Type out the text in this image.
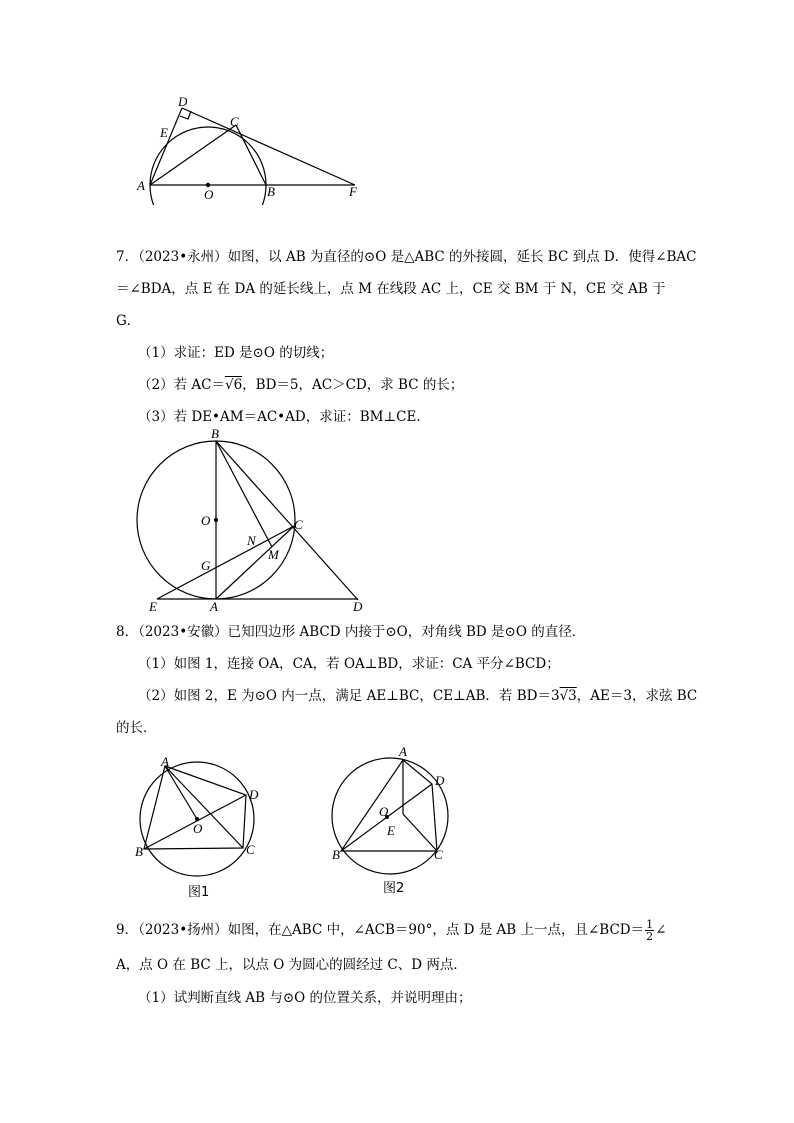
D
E
C
A
O	B	F
7．（2023•永州）如图，以 AB 为直径的⊙O 是△ABC 的外接圆，延长 BC 到点 D．使得∠BAC
＝∠BDA，点 E 在 DA 的延长线上，点 M 在线段 AC 上，CE 交 BM 于 N，CE 交 AB 于
G．
（1）求证：ED 是⊙O 的切线；
（2）若 AC＝√6，BD＝5，AC＞CD，求 BC 的长；
（3）若 DE•AM＝AC•AD，求证：BM⊥CE．
B
O	C
N
M
G
E	A	D
8．（2023•安徽）已知四边形 ABCD 内接于⊙O，对角线 BD 是⊙O 的直径．
（1）如图 1，连接 OA，CA，若 OA⊥BD，求证：CA 平分∠BCD；
（2）如图 2，E 为⊙O 内一点，满足 AE⊥BC，CE⊥AB．若 BD＝3√3，AE＝3，求弦 BC
的长．
A
D
O
B	C
图1
A
D
O
E
B	C
图2
9．（2023•扬州）如图，在△ABC 中，∠ACB＝90°，点 D 是 AB 上一点，且∠BCD＝ $\frac{1}{2}$ ∠
A，点 O 在 BC 上，以点 O 为圆心的圆经过 C、D 两点．
（1）试判断直线 AB 与⊙O 的位置关系，并说明理由；
